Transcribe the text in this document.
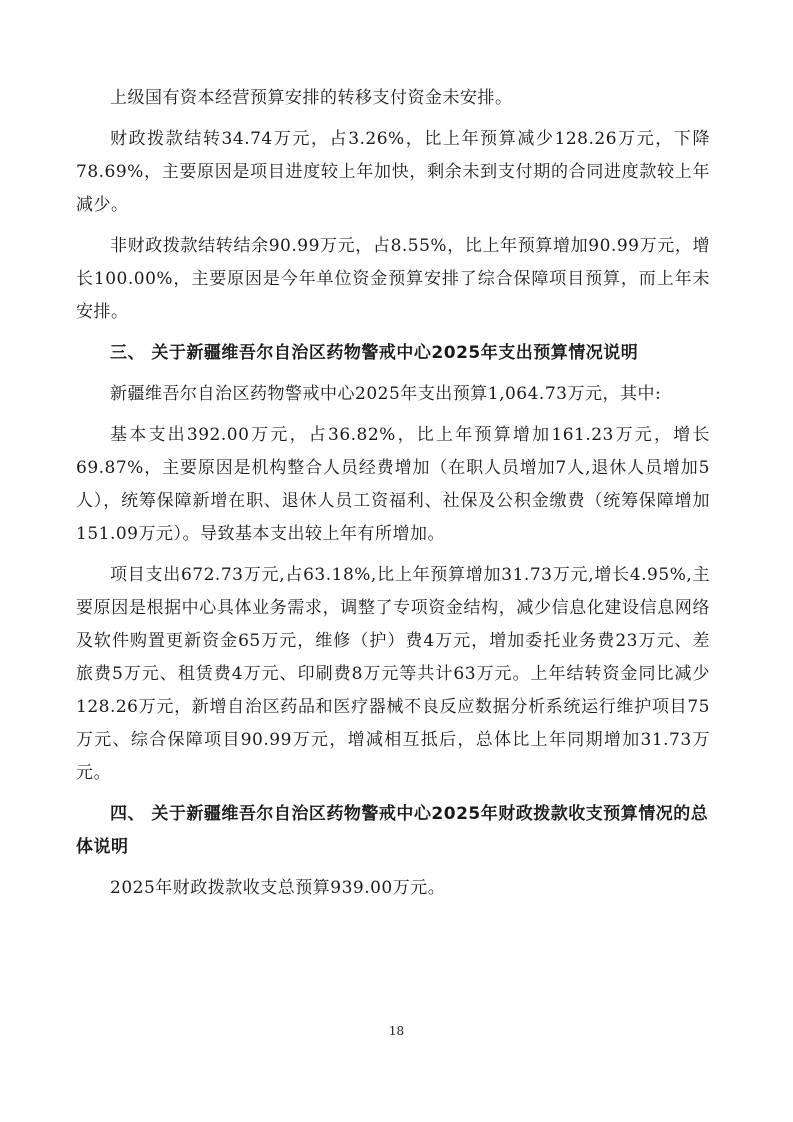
上级国有资本经营预算安排的转移支付资金未安排。

财政拨款结转34.74万元，占3.26%，比上年预算减少128.26万元，下降78.69%，主要原因是项目进度较上年加快，剩余未到支付期的合同进度款较上年减少。

非财政拨款结转结余90.99万元，占8.55%，比上年预算增加90.99万元，增长100.00%，主要原因是今年单位资金预算安排了综合保障项目预算，而上年未安排。

三、 关于新疆维吾尔自治区药物警戒中心2025年支出预算情况说明

新疆维吾尔自治区药物警戒中心2025年支出预算1,064.73万元，其中:

基本支出392.00万元，占36.82%，比上年预算增加161.23万元，增长69.87%，主要原因是机构整合人员经费增加（在职人员增加7人,退休人员增加5人），统筹保障新增在职、退休人员工资福利、社保及公积金缴费（统筹保障增加151.09万元）。导致基本支出较上年有所增加。

项目支出672.73万元,占63.18%,比上年预算增加31.73万元,增长4.95%,主要原因是根据中心具体业务需求，调整了专项资金结构，减少信息化建设信息网络及软件购置更新资金65万元，维修（护）费4万元，增加委托业务费23万元、差旅费5万元、租赁费4万元、印刷费8万元等共计63万元。上年结转资金同比减少128.26万元，新增自治区药品和医疗器械不良反应数据分析系统运行维护项目75万元、综合保障项目90.99万元，增减相互抵后，总体比上年同期增加31.73万元。

四、 关于新疆维吾尔自治区药物警戒中心2025年财政拨款收支预算情况的总体说明

2025年财政拨款收支总预算939.00万元。

18
